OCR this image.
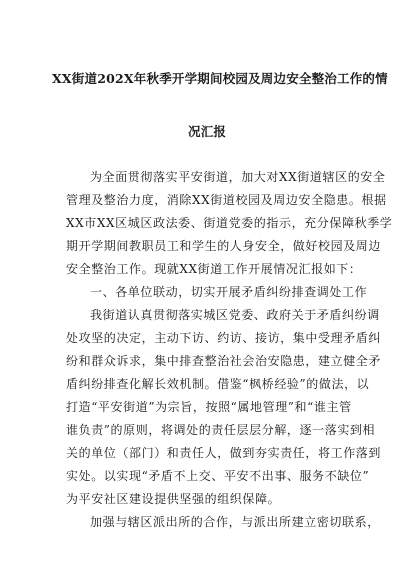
XX街道202X年秋季开学期间校园及周边安全整治工作的情
况汇报
为全面贯彻落实平安街道，加大对XX街道辖区的安全
管理及整治力度，消除XX街道校园及周边安全隐患。根据
XX市XX区城区政法委、街道党委的指示，充分保障秋季学
期开学期间教职员工和学生的人身安全，做好校园及周边
安全整治工作。现就XX街道工作开展情况汇报如下：
一、各单位联动，切实开展矛盾纠纷排查调处工作
我街道认真贯彻落实城区党委、政府关于矛盾纠纷调
处攻坚的决定，主动下访、约访、接访，集中受理矛盾纠
纷和群众诉求，集中排查整治社会治安隐患，建立健全矛
盾纠纷排查化解长效机制。借鉴“枫桥经验”的做法，以
打造“平安街道”为宗旨，按照“属地管理”和“谁主管
谁负责”的原则，将调处的责任层层分解，逐一落实到相
关的单位（部门）和责任人，做到夯实责任，将工作落到
实处。以实现“矛盾不上交、平安不出事、服务不缺位”
为平安社区建设提供坚强的组织保障。
加强与辖区派出所的合作，与派出所建立密切联系，
